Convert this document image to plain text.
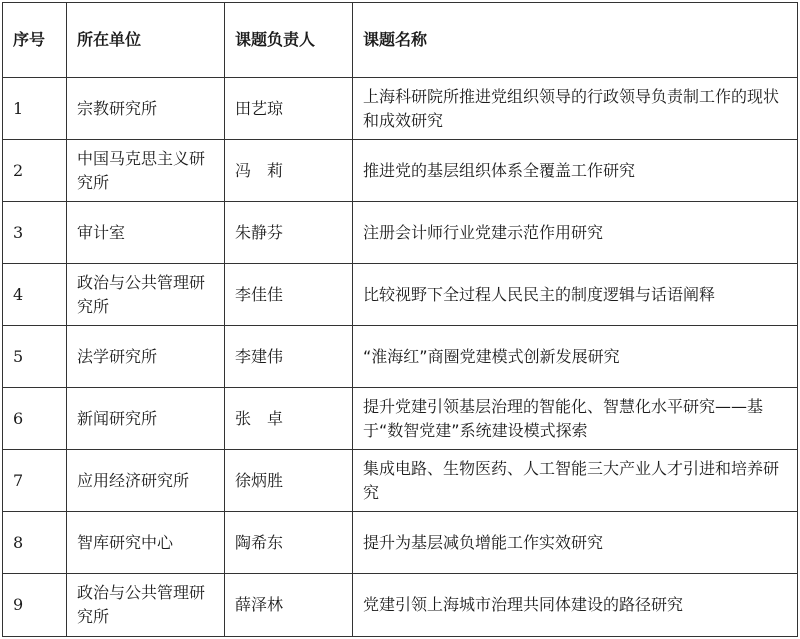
序号	所在单位	课题负责人	课题名称
1	宗教研究所	田艺琼	上海科研院所推进党组织领导的行政领导负责制工作的现状和成效研究
2	中国马克思主义研究所	冯　莉	推进党的基层组织体系全覆盖工作研究
3	审计室	朱静芬	注册会计师行业党建示范作用研究
4	政治与公共管理研究所	李佳佳	比较视野下全过程人民民主的制度逻辑与话语阐释
5	法学研究所	李建伟	“淮海红”商圈党建模式创新发展研究
6	新闻研究所	张　卓	提升党建引领基层治理的智能化、智慧化水平研究——基于“数智党建”系统建设模式探索
7	应用经济研究所	徐炳胜	集成电路、生物医药、人工智能三大产业人才引进和培养研究
8	智库研究中心	陶希东	提升为基层减负增能工作实效研究
9	政治与公共管理研究所	薛泽林	党建引领上海城市治理共同体建设的路径研究
